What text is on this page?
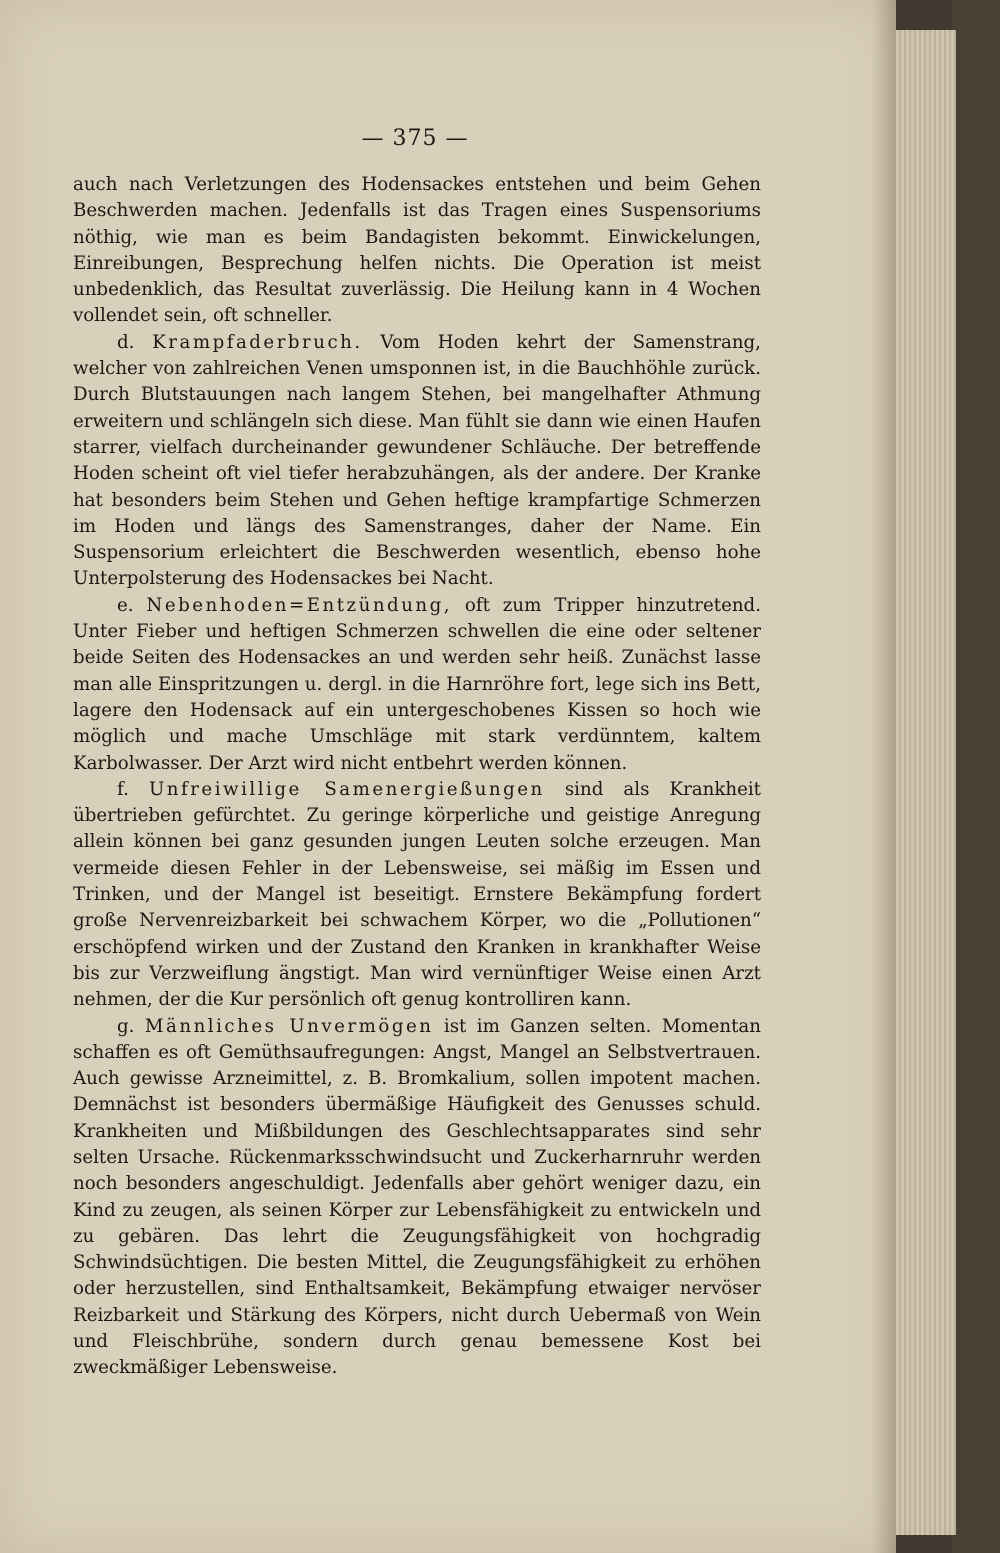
— 375 —

auch nach Verletzungen des Hodensackes entstehen und beim Gehen Beschwerden machen. Jedenfalls ist das Tragen eines Suspensoriums nöthig, wie man es beim Bandagisten bekommt. Einwickelungen, Einreibungen, Besprechung helfen nichts. Die Operation ist meist unbedenklich, das Resultat zuverlässig. Die Heilung kann in 4 Wochen vollendet sein, oft schneller.

d. Krampfaderbruch. Vom Hoden kehrt der Samenstrang, welcher von zahlreichen Venen umsponnen ist, in die Bauchhöhle zurück. Durch Blutstauungen nach langem Stehen, bei mangelhafter Athmung erweitern und schlängeln sich diese. Man fühlt sie dann wie einen Haufen starrer, vielfach durcheinander gewundener Schläuche. Der betreffende Hoden scheint oft viel tiefer herabzuhängen, als der andere. Der Kranke hat besonders beim Stehen und Gehen heftige krampfartige Schmerzen im Hoden und längs des Samenstranges, daher der Name. Ein Suspensorium erleichtert die Beschwerden wesentlich, ebenso hohe Unterpolsterung des Hodensackes bei Nacht.

e. Nebenhoden=Entzündung, oft zum Tripper hinzutretend. Unter Fieber und heftigen Schmerzen schwellen die eine oder seltener beide Seiten des Hodensackes an und werden sehr heiß. Zunächst lasse man alle Einspritzungen u. dergl. in die Harnröhre fort, lege sich ins Bett, lagere den Hodensack auf ein untergeschobenes Kissen so hoch wie möglich und mache Umschläge mit stark verdünntem, kaltem Karbolwasser. Der Arzt wird nicht entbehrt werden können.

f. Unfreiwillige Samenergießungen sind als Krankheit übertrieben gefürchtet. Zu geringe körperliche und geistige Anregung allein können bei ganz gesunden jungen Leuten solche erzeugen. Man vermeide diesen Fehler in der Lebensweise, sei mäßig im Essen und Trinken, und der Mangel ist beseitigt. Ernstere Bekämpfung fordert große Nervenreizbarkeit bei schwachem Körper, wo die „Pollutionen“ erschöpfend wirken und der Zustand den Kranken in krankhafter Weise bis zur Verzweiflung ängstigt. Man wird vernünftiger Weise einen Arzt nehmen, der die Kur persönlich oft genug kontrolliren kann.

g. Männliches Unvermögen ist im Ganzen selten. Momentan schaffen es oft Gemüthsaufregungen: Angst, Mangel an Selbstvertrauen. Auch gewisse Arzneimittel, z. B. Bromkalium, sollen impotent machen. Demnächst ist besonders übermäßige Häufigkeit des Genusses schuld. Krankheiten und Mißbildungen des Geschlechtsapparates sind sehr selten Ursache. Rückenmarksschwindsucht und Zuckerharnruhr werden noch besonders angeschuldigt. Jedenfalls aber gehört weniger dazu, ein Kind zu zeugen, als seinen Körper zur Lebensfähigkeit zu entwickeln und zu gebären. Das lehrt die Zeugungsfähigkeit von hochgradig Schwindsüchtigen. Die besten Mittel, die Zeugungsfähigkeit zu erhöhen oder herzustellen, sind Enthaltsamkeit, Bekämpfung etwaiger nervöser Reizbarkeit und Stärkung des Körpers, nicht durch Uebermaß von Wein und Fleischbrühe, sondern durch genau bemessene Kost bei zweckmäßiger Lebensweise.
